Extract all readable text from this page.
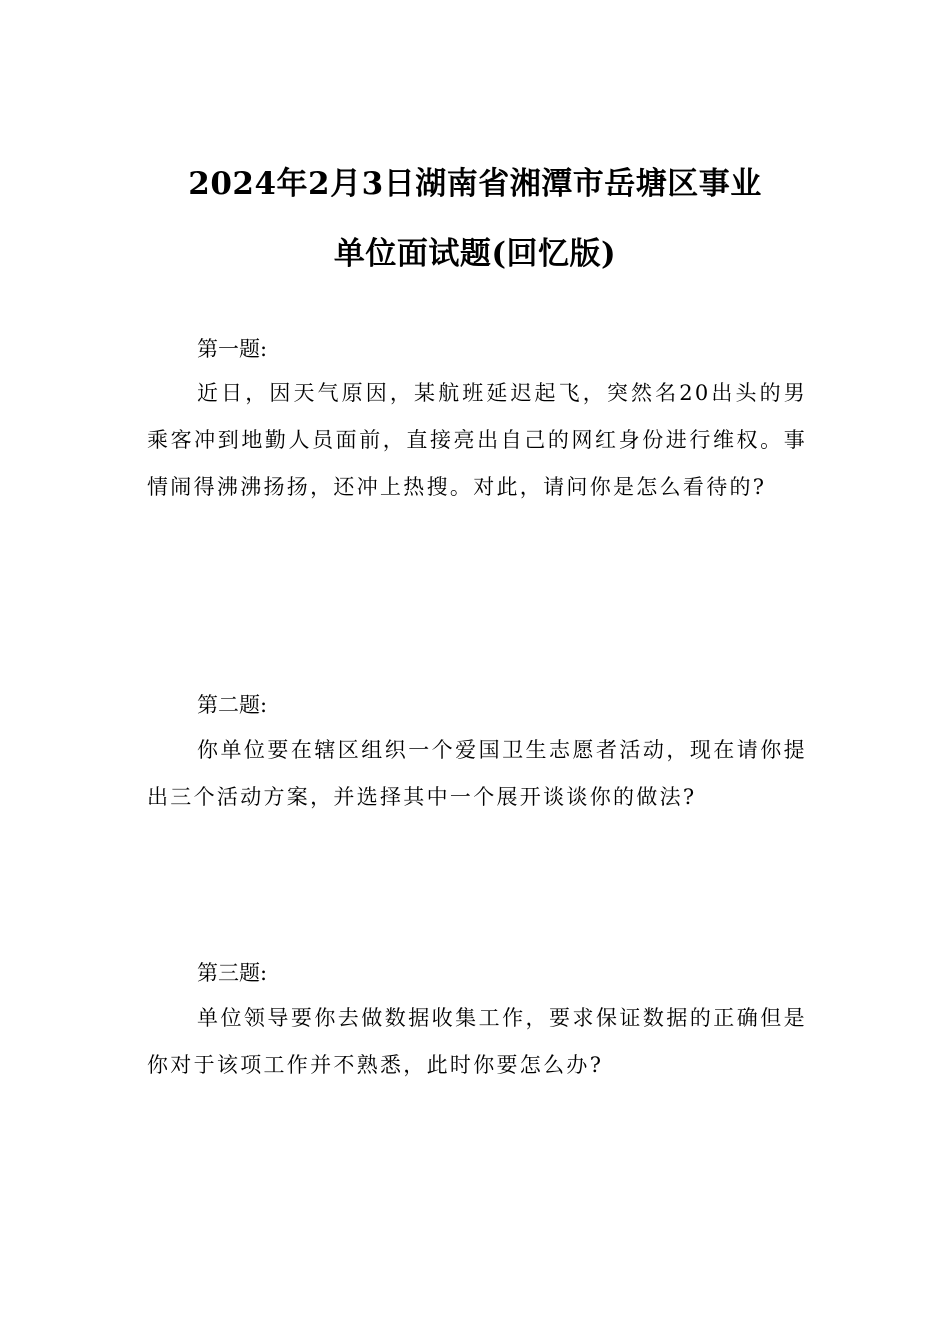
2024年2月3日湖南省湘潭市岳塘区事业
单位面试题(回忆版)
第一题:
近日，因天气原因，某航班延迟起飞，突然名20出头的男乘客冲到地勤人员面前，直接亮出自己的网红身份进行维权。事情闹得沸沸扬扬，还冲上热搜。对此，请问你是怎么看待的?
第二题:
你单位要在辖区组织一个爱国卫生志愿者活动，现在请你提出三个活动方案，并选择其中一个展开谈谈你的做法?
第三题:
单位领导要你去做数据收集工作，要求保证数据的正确但是你对于该项工作并不熟悉，此时你要怎么办?
